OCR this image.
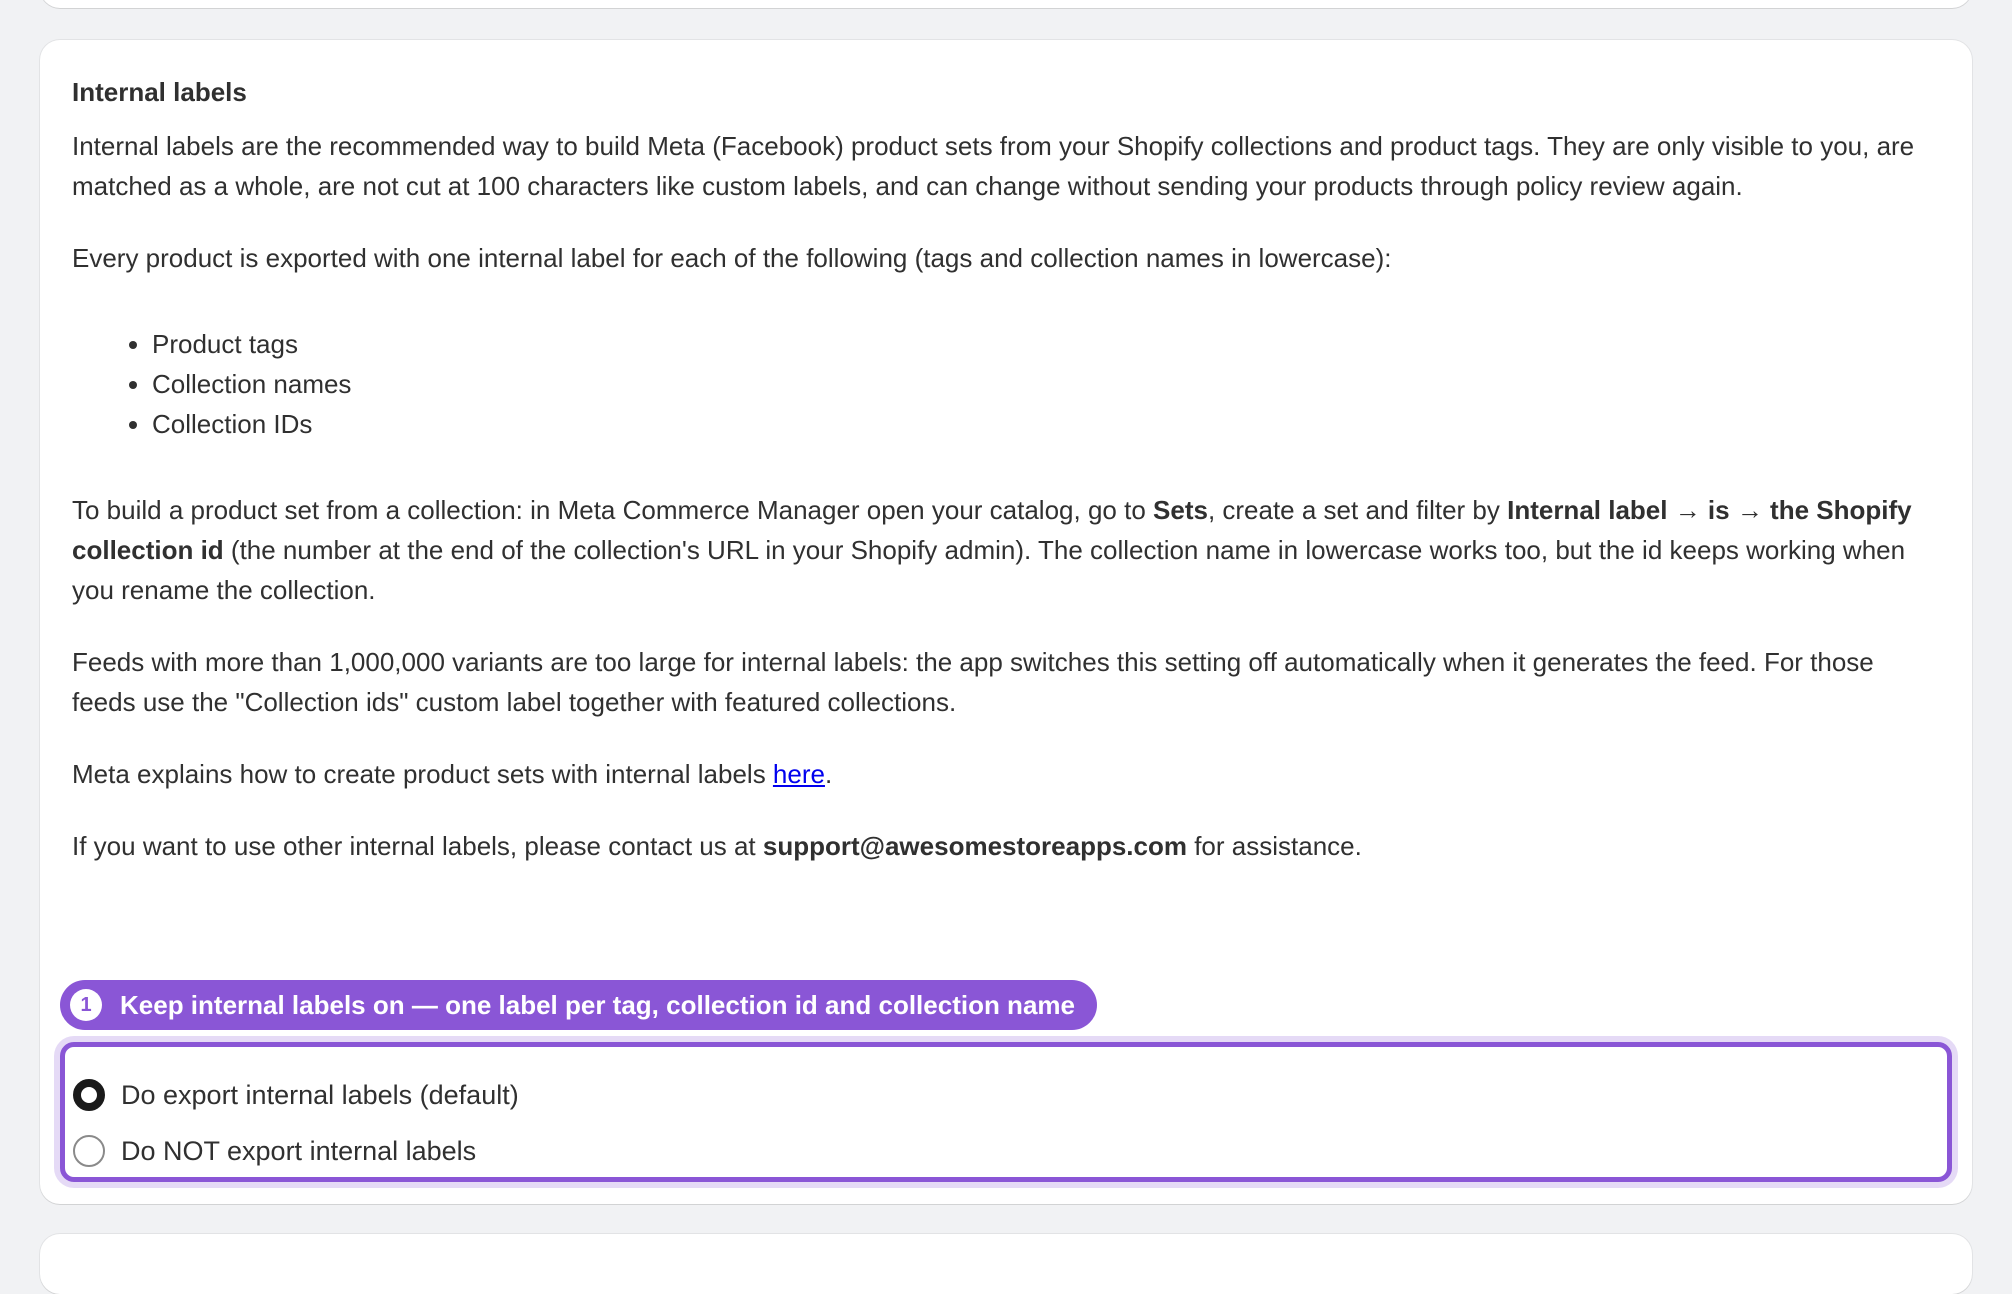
Internal labels

Internal labels are the recommended way to build Meta (Facebook) product sets from your Shopify collections and product tags. They are only visible to you, are matched as a whole, are not cut at 100 characters like custom labels, and can change without sending your products through policy review again.

Every product is exported with one internal label for each of the following (tags and collection names in lowercase):

• Product tags
• Collection names
• Collection IDs

To build a product set from a collection: in Meta Commerce Manager open your catalog, go to Sets, create a set and filter by Internal label → is → the Shopify collection id (the number at the end of the collection's URL in your Shopify admin). The collection name in lowercase works too, but the id keeps working when you rename the collection.

Feeds with more than 1,000,000 variants are too large for internal labels: the app switches this setting off automatically when it generates the feed. For those feeds use the "Collection ids" custom label together with featured collections.

Meta explains how to create product sets with internal labels here.

If you want to use other internal labels, please contact us at support@awesomestoreapps.com for assistance.

1	Keep internal labels on — one label per tag, collection id and collection name
Do export internal labels (default)
Do NOT export internal labels
